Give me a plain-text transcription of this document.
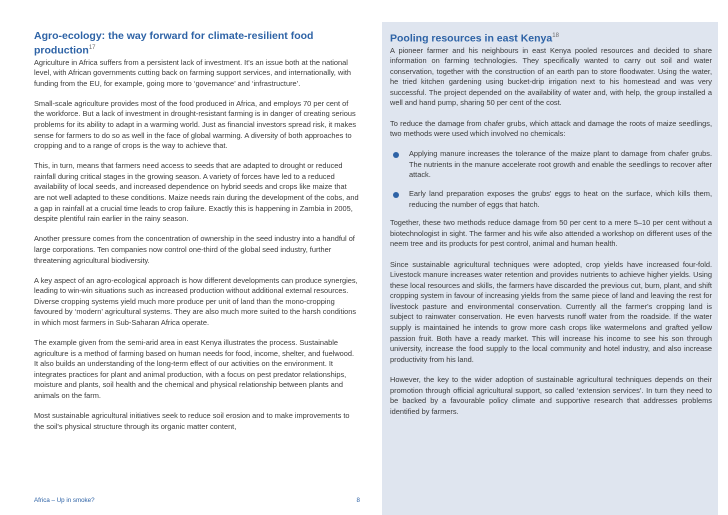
Agro-ecology: the way forward for climate-resilient food production$^{17}$

Agriculture in Africa suffers from a persistent lack of investment. It's an issue both at the national level, with African governments cutting back on farming support services, and internationally, with funding from the EU, for example, going more to ‘governance’ and ‘infrastructure’.

Small-scale agriculture provides most of the food produced in Africa, and employs 70 per cent of the workforce. But a lack of investment in drought-resistant farming is in danger of creating serious problems for its ability to adapt in a warming world. Just as financial investors spread risk, it makes sense for farmers to do so as well in the face of global warming. A diversity of both approaches to cropping and to a range of crops is the way to achieve that.

This, in turn, means that farmers need access to seeds that are adapted to drought or reduced rainfall during critical stages in the growing season. A variety of forces have led to a reduced availability of local seeds, and increased dependence on hybrid seeds and crops like maize that are not well adapted to these conditions. Maize needs rain during the development of the cobs, and a gap in rainfall at a crucial time leads to crop failure. Exactly this is happening in Zambia in 2005, despite plentiful rain earlier in the rainy season.

Another pressure comes from the concentration of ownership in the seed industry into a handful of large corporations. Ten companies now control one-third of the global seed industry, further threatening agricultural biodiversity.

A key aspect of an agro-ecological approach is how different developments can produce synergies, leading to win-win situations such as increased production without additional external resources. Diverse cropping systems yield much more produce per unit of land than the mono-cropping favoured by ‘modern’ agricultural systems. They are also much more suited to the harsh conditions in which most farmers in Sub-Saharan Africa operate.

The example given from the semi-arid area in east Kenya illustrates the process. Sustainable agriculture is a method of farming based on human needs for food, income, shelter, and fuelwood. It also builds an understanding of the long-term effect of our activities on the environment. It integrates practices for plant and animal production, with a focus on pest predator relationships, moisture and plants, soil health and the chemical and physical relationship between plants and animals on the farm.

Most sustainable agricultural initiatives seek to reduce soil erosion and to make improvements to the soil's physical structure through its organic matter content,

Pooling resources in east Kenya$^{18}$

A pioneer farmer and his neighbours in east Kenya pooled resources and decided to share information on farming technologies. They specifically wanted to carry out soil and water conservation, together with the construction of an earth pan to store floodwater. Using the water, he tried kitchen gardening using bucket-drip irrigation next to his homestead and was very successful. The project depended on the availability of water and, with help, the group installed a well and hand pump, sharing 50 per cent of the cost.

To reduce the damage from chafer grubs, which attack and damage the roots of maize seedlings, two methods were used which involved no chemicals:

Applying manure increases the tolerance of the maize plant to damage from chafer grubs. The nutrients in the manure accelerate root growth and enable the seedlings to recover after attack.
Early land preparation exposes the grubs' eggs to heat on the surface, which kills them, reducing the number of eggs that hatch.

Together, these two methods reduce damage from 50 per cent to a mere 5–10 per cent without a biotechnologist in sight. The farmer and his wife also attended a workshop on different uses of the neem tree and its products for pest control, animal and human health.

Since sustainable agricultural techniques were adopted, crop yields have increased four-fold. Livestock manure increases water retention and provides nutrients to achieve higher yields. Using these local resources and skills, the farmers have discarded the previous cut, burn, plant, and shift cropping system in favour of increasing yields from the same piece of land and leaving the rest for livestock pasture and environmental conservation. Currently all the farmer's cropping land is subject to rainwater conservation. He even harvests runoff water from the roadside. If the water supply is maintained he intends to grow more cash crops like watermelons and grafted yellow passion fruit. Both have a ready market. This will increase his income to see his son through university, increase the food supply to the local community and hotel industry, and also increase productivity from his land.

However, the key to the wider adoption of sustainable agricultural techniques depends on their promotion through official agricultural support, so called ‘extension services’. In turn they need to be backed by a favourable policy climate and supportive research that addresses problems identified by farmers.

Africa – Up in smoke?	8
